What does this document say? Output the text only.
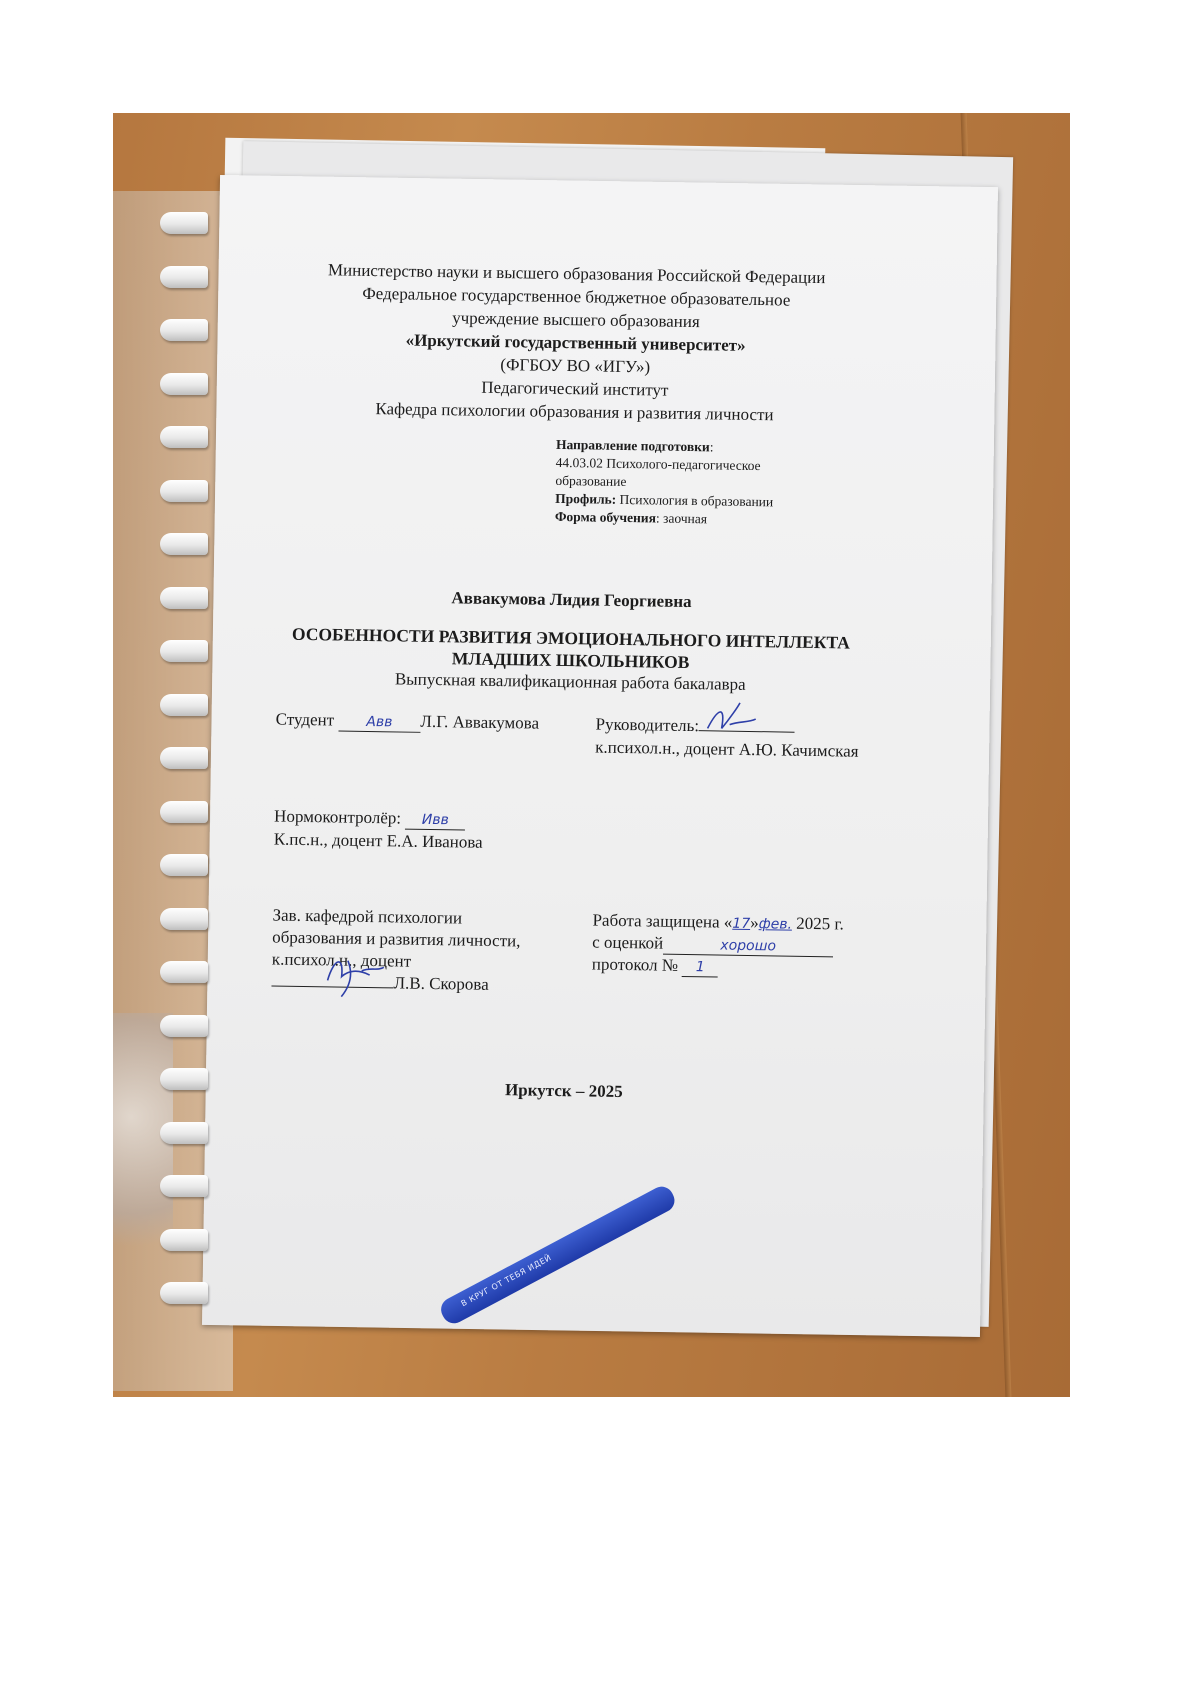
В КРУГ ОТ ТЕБЯ ИДЕЙ
Министерство науки и высшего образования Российской Федерации
Федеральное государственное бюджетное образовательное
учреждение высшего образования
«Иркутский государственный университет»
(ФГБОУ ВО «ИГУ»)
Педагогический институт
Кафедра психологии образования и развития личности
Направление подготовки:
44.03.02 Психолого-педагогическое
образование
Профиль: Психология в образовании
Форма обучения: заочная
Аввакумова Лидия Георгиевна
ОСОБЕННОСТИ РАЗВИТИЯ ЭМОЦИОНАЛЬНОГО ИНТЕЛЛЕКТА
МЛАДШИХ ШКОЛЬНИКОВ
Выпускная квалификационная работа бакалавра
Студент Авв Л.Г. Аввакумова	Руководитель:
к.психол.н., доцент А.Ю. Качимская
Нормоконтролёр: Ивв
К.пс.н., доцент Е.А. Иванова
Зав. кафедрой психологии
образования и развития личности,
к.психол.н., доцент
Л.В. Скорова
Работа защищена «17»фев. 2025 г.
с оценкой	хорошо
протокол № 1
Иркутск – 2025
